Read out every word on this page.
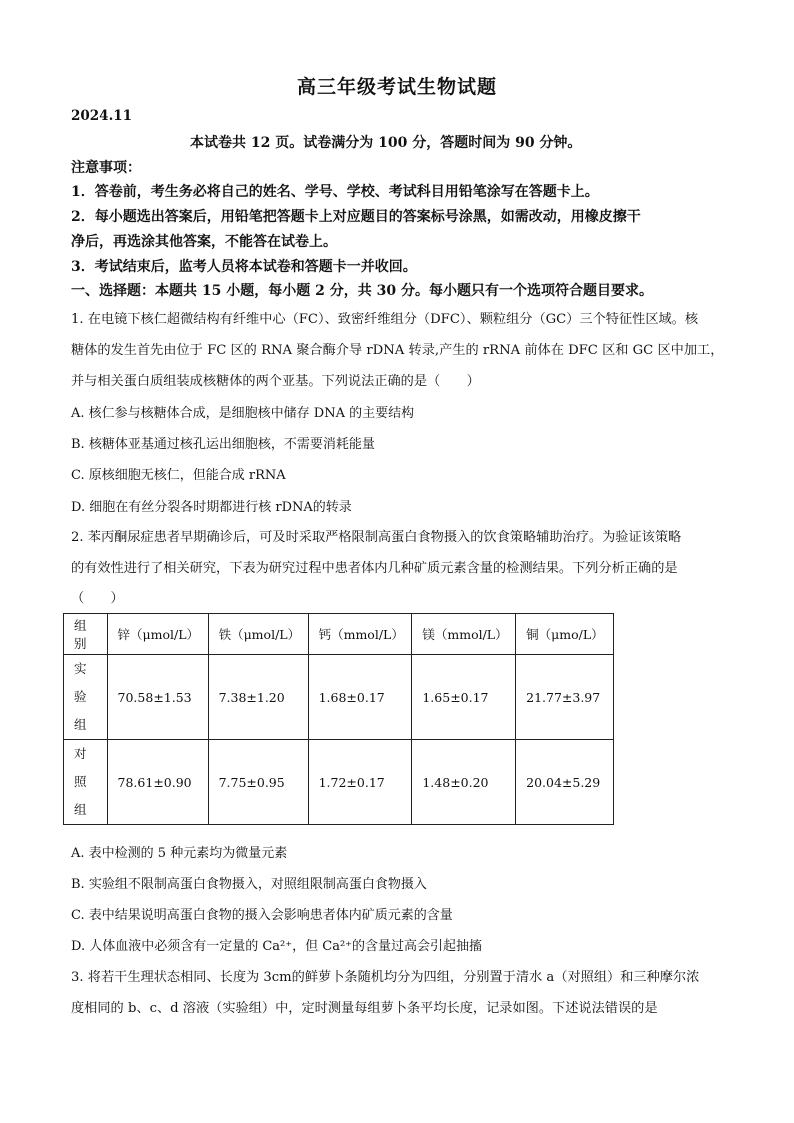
高三年级考试生物试题
2024.11
本试卷共 12 页。试卷满分为 100 分，答题时间为 90 分钟。
注意事项：
1．答卷前，考生务必将自己的姓名、学号、学校、考试科目用铅笔涂写在答题卡上。
2．每小题选出答案后，用铅笔把答题卡上对应题目的答案标号涂黑，如需改动，用橡皮擦干
净后，再选涂其他答案，不能答在试卷上。
3．考试结束后，监考人员将本试卷和答题卡一并收回。
一、选择题：本题共 15 小题，每小题 2 分，共 30 分。每小题只有一个选项符合题目要求。
1. 在电镜下核仁超微结构有纤维中心（FC）、致密纤维组分（DFC）、颗粒组分（GC）三个特征性区域。核
糖体的发生首先由位于 FC 区的 RNA 聚合酶介导 rDNA 转录,产生的 rRNA 前体在 DFC 区和 GC 区中加工，
并与相关蛋白质组装成核糖体的两个亚基。下列说法正确的是（　　）
A. 核仁参与核糖体合成，是细胞核中储存 DNA 的主要结构
B. 核糖体亚基通过核孔运出细胞核，不需要消耗能量
C. 原核细胞无核仁，但能合成 rRNA
D. 细胞在有丝分裂各时期都进行核 rDNA的转录
2. 苯丙酮尿症患者早期确诊后，可及时采取严格限制高蛋白食物摄入的饮食策略辅助治疗。为验证该策略
的有效性进行了相关研究，下表为研究过程中患者体内几种矿质元素含量的检测结果。下列分析正确的是
（　　）
组别	锌（μmol/L）	铁（μmol/L）	钙（mmol/L）	镁（mmol/L）	铜（μmo/L）

实验
组	70.58±1.53	7.38±1.20	1.68±0.17	1.65±0.17	21.77±3.97

对照
组	78.61±0.90	7.75±0.95	1.72±0.17	1.48±0.20	20.04±5.29
A. 表中检测的 5 种元素均为微量元素
B. 实验组不限制高蛋白食物摄入，对照组限制高蛋白食物摄入
C. 表中结果说明高蛋白食物的摄入会影响患者体内矿质元素的含量
D. 人体血液中必须含有一定量的 Ca²⁺，但 Ca²⁺的含量过高会引起抽搐
3. 将若干生理状态相同、长度为 3cm的鲜萝卜条随机均分为四组，分别置于清水 a（对照组）和三种摩尔浓
度相同的 b、c、d 溶液（实验组）中，定时测量每组萝卜条平均长度，记录如图。下述说法错误的是
